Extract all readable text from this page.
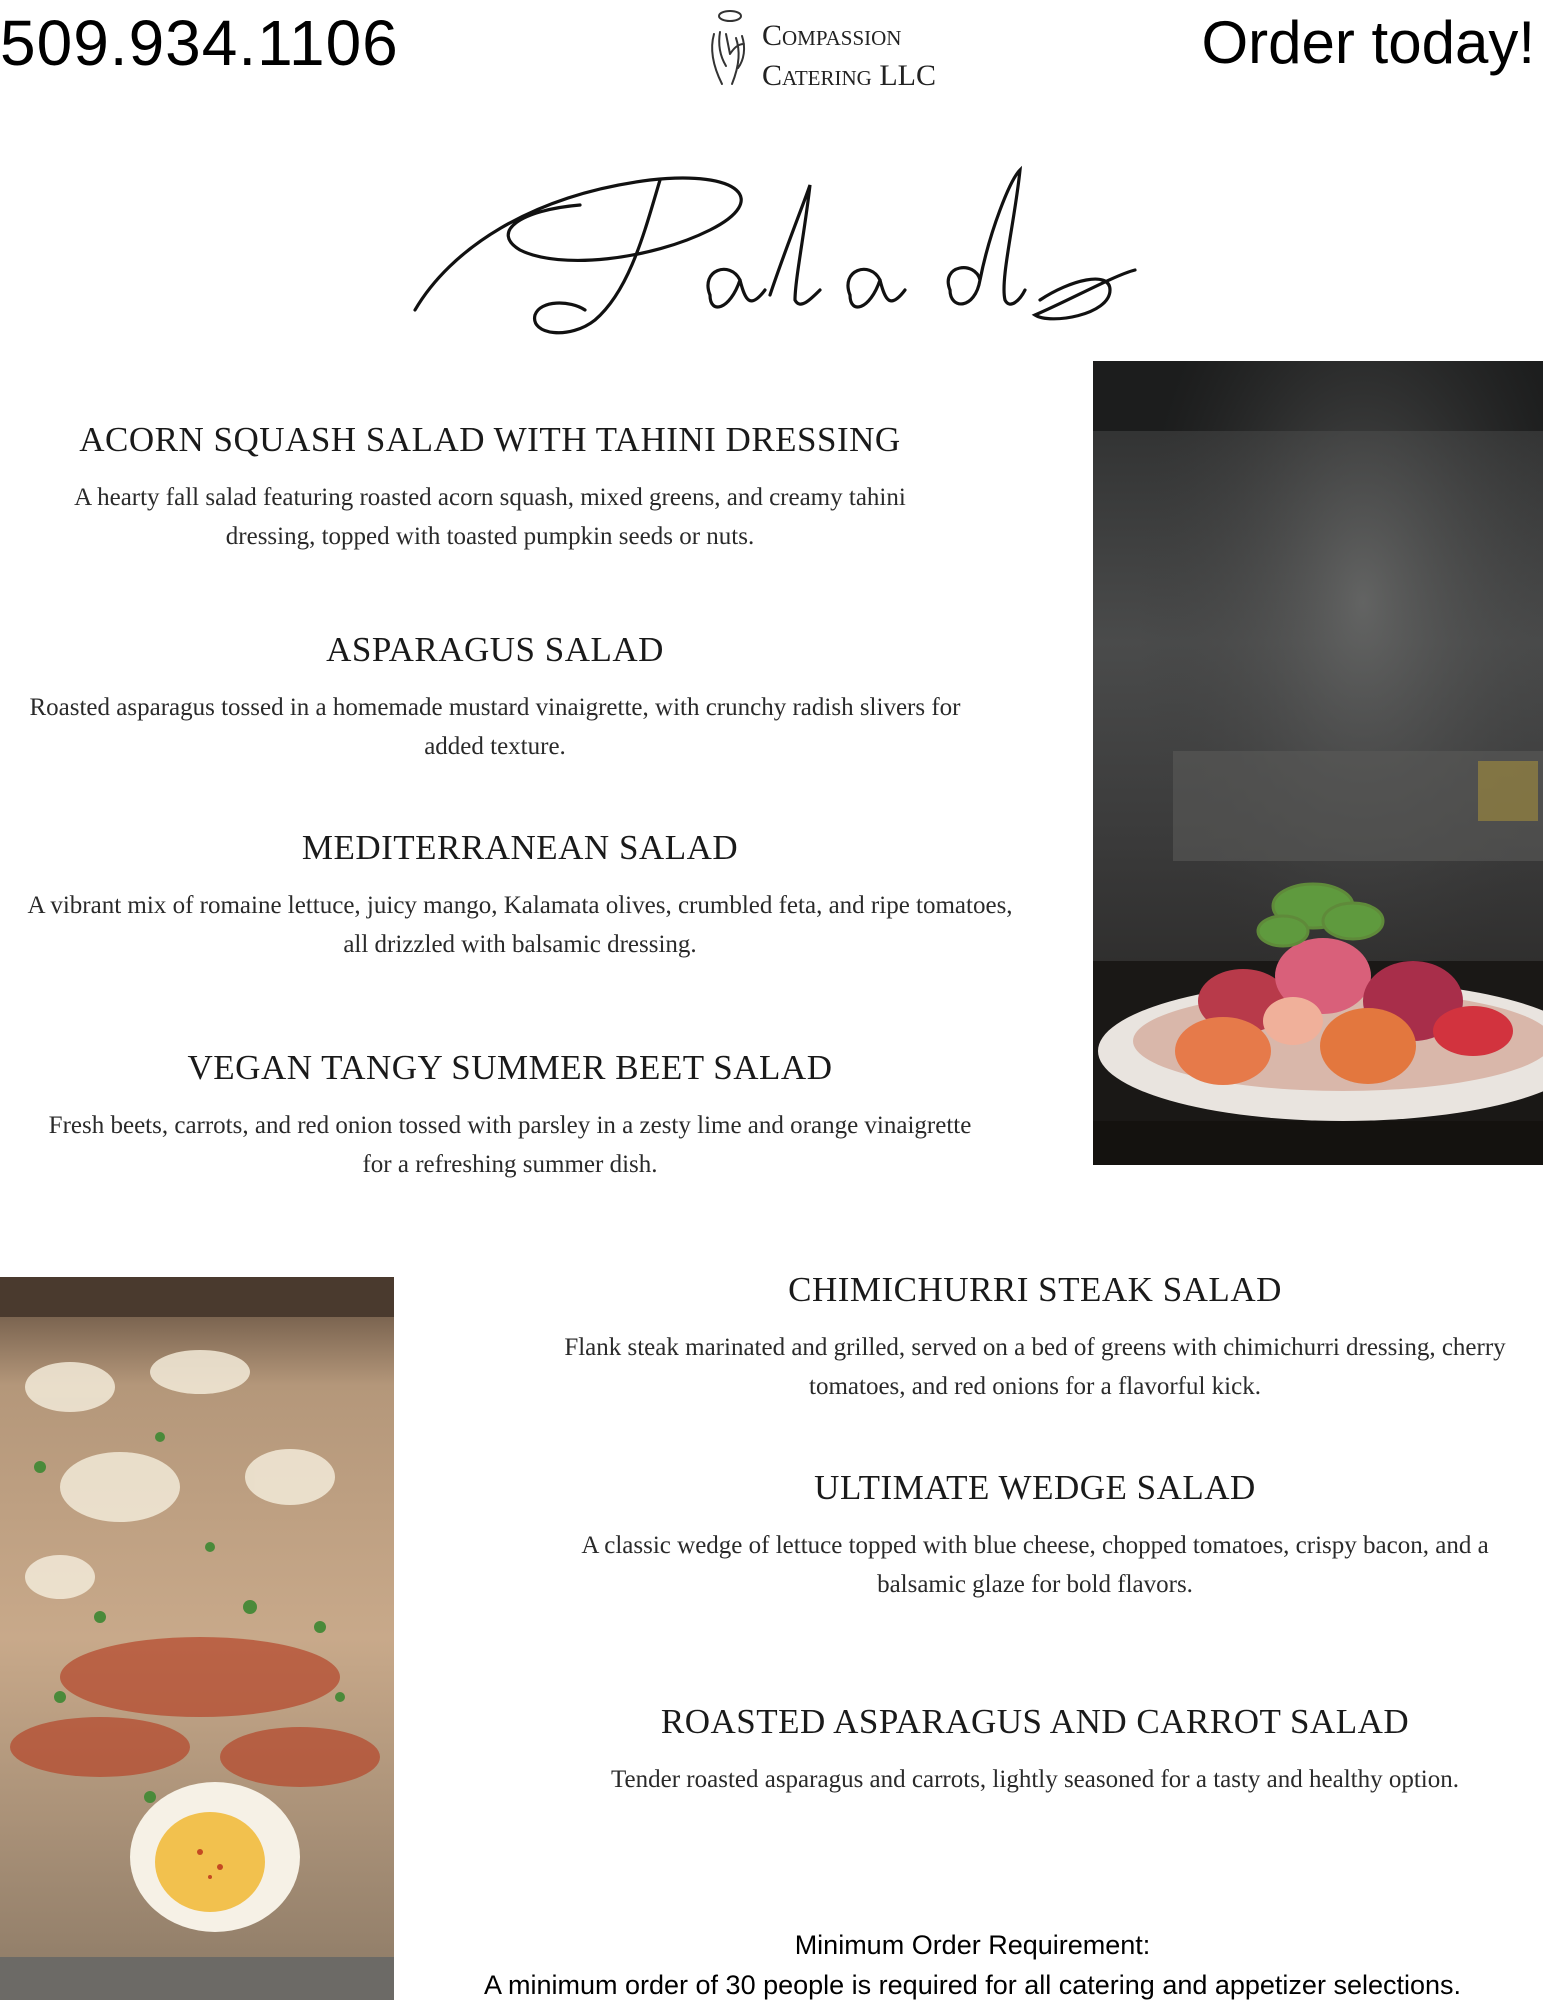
509.934.1106	Compassion
Catering LLC	Order today!
ACORN SQUASH SALAD WITH TAHINI DRESSING

A hearty fall salad featuring roasted acorn squash, mixed greens, and creamy tahini dressing, topped with toasted pumpkin seeds or nuts.

ASPARAGUS SALAD

Roasted asparagus tossed in a homemade mustard vinaigrette, with crunchy radish slivers for added texture.

MEDITERRANEAN SALAD

A vibrant mix of romaine lettuce, juicy mango, Kalamata olives, crumbled feta, and ripe tomatoes, all drizzled with balsamic dressing.

VEGAN TANGY SUMMER BEET SALAD

Fresh beets, carrots, and red onion tossed with parsley in a zesty lime and orange vinaigrette for a refreshing summer dish.

CHIMICHURRI STEAK SALAD

Flank steak marinated and grilled, served on a bed of greens with chimichurri dressing, cherry tomatoes, and red onions for a flavorful kick.

ULTIMATE WEDGE SALAD

A classic wedge of lettuce topped with blue cheese, chopped tomatoes, crispy bacon, and a balsamic glaze for bold flavors.

ROASTED ASPARAGUS AND CARROT SALAD

Tender roasted asparagus and carrots, lightly seasoned for a tasty and healthy option.

Minimum Order Requirement:
A minimum order of 30 people is required for all catering and appetizer selections.
